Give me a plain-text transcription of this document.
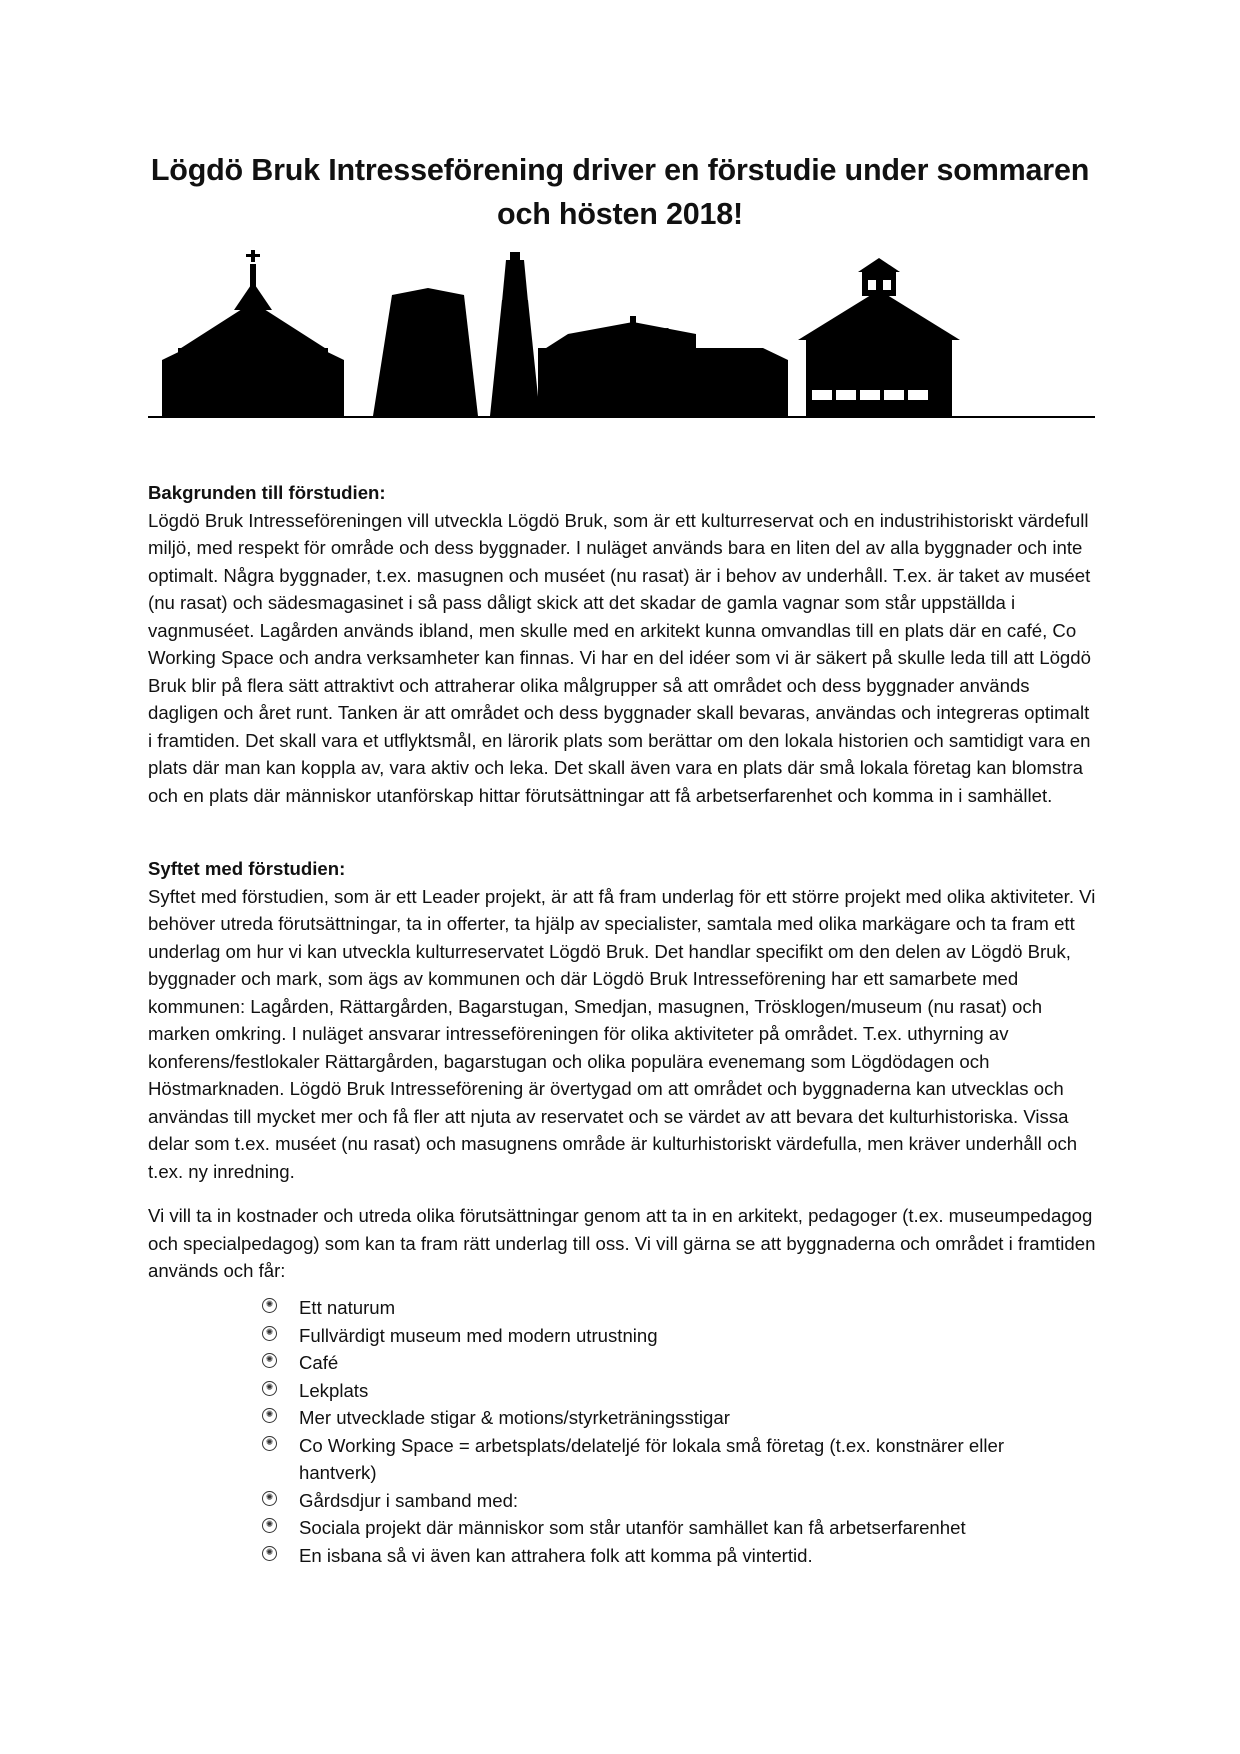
Lögdö Bruk Intresseförening driver en förstudie under sommaren
och hösten 2018!
Bakgrunden till förstudien:
Lögdö Bruk Intresseföreningen vill utveckla Lögdö Bruk, som är ett kulturreservat och en industrihistoriskt värdefull miljö, med respekt för område och dess byggnader. I nuläget används bara en liten del av alla byggnader och inte optimalt. Några byggnader, t.ex. masugnen och muséet (nu rasat) är i behov av underhåll. T.ex. är taket av muséet (nu rasat) och sädesmagasinet i så pass dåligt skick att det skadar de gamla vagnar som står uppställda i vagnmuséet. Lagården används ibland, men skulle med en arkitekt kunna omvandlas till en plats där en café, Co Working Space och andra verksamheter kan finnas. Vi har en del idéer som vi är säkert på skulle leda till att Lögdö Bruk blir på flera sätt attraktivt och attraherar olika målgrupper så att området och dess byggnader används dagligen och året runt. Tanken är att området och dess byggnader skall bevaras, användas och integreras optimalt i framtiden. Det skall vara et utflyktsmål, en lärorik plats som berättar om den lokala historien och samtidigt vara en plats där man kan koppla av, vara aktiv och leka. Det skall även vara en plats där små lokala företag kan blomstra och en plats där människor utanförskap hittar förutsättningar att få arbetserfarenhet och komma in i samhället.
Syftet med förstudien:
Syftet med förstudien, som är ett Leader projekt, är att få fram underlag för ett större projekt med olika aktiviteter. Vi behöver utreda förutsättningar, ta in offerter, ta hjälp av specialister, samtala med olika markägare och ta fram ett underlag om hur vi kan utveckla kulturreservatet Lögdö Bruk. Det handlar specifikt om den delen av Lögdö Bruk, byggnader och mark, som ägs av kommunen och där Lögdö Bruk Intresseförening har ett samarbete med kommunen: Lagården, Rättargården, Bagarstugan, Smedjan, masugnen, Trösklogen/museum (nu rasat) och marken omkring. I nuläget ansvarar intresseföreningen för olika aktiviteter på området. T.ex. uthyrning av konferens/festlokaler Rättargården, bagarstugan och olika populära evenemang som Lögdödagen och Höstmarknaden. Lögdö Bruk Intresseförening är övertygad om att området och byggnaderna kan utvecklas och användas till mycket mer och få fler att njuta av reservatet och se värdet av att bevara det kulturhistoriska. Vissa delar som t.ex. muséet (nu rasat) och masugnens område är kulturhistoriskt värdefulla, men kräver underhåll och t.ex. ny inredning.
Vi vill ta in kostnader och utreda olika förutsättningar genom att ta in en arkitekt, pedagoger (t.ex. museumpedagog och specialpedagog) som kan ta fram rätt underlag till oss. Vi vill gärna se att byggnaderna och området i framtiden används och får:
✺ Ett naturum
✺ Fullvärdigt museum med modern utrustning
✺ Café
✺ Lekplats
✺ Mer utvecklade stigar & motions/styrketräningsstigar
✺ Co Working Space = arbetsplats/delateljé för lokala små företag (t.ex. konstnärer eller hantverk)
✺ Gårdsdjur i samband med:
✺ Sociala projekt där människor som står utanför samhället kan få arbetserfarenhet
✺ En isbana så vi även kan attrahera folk att komma på vintertid.
